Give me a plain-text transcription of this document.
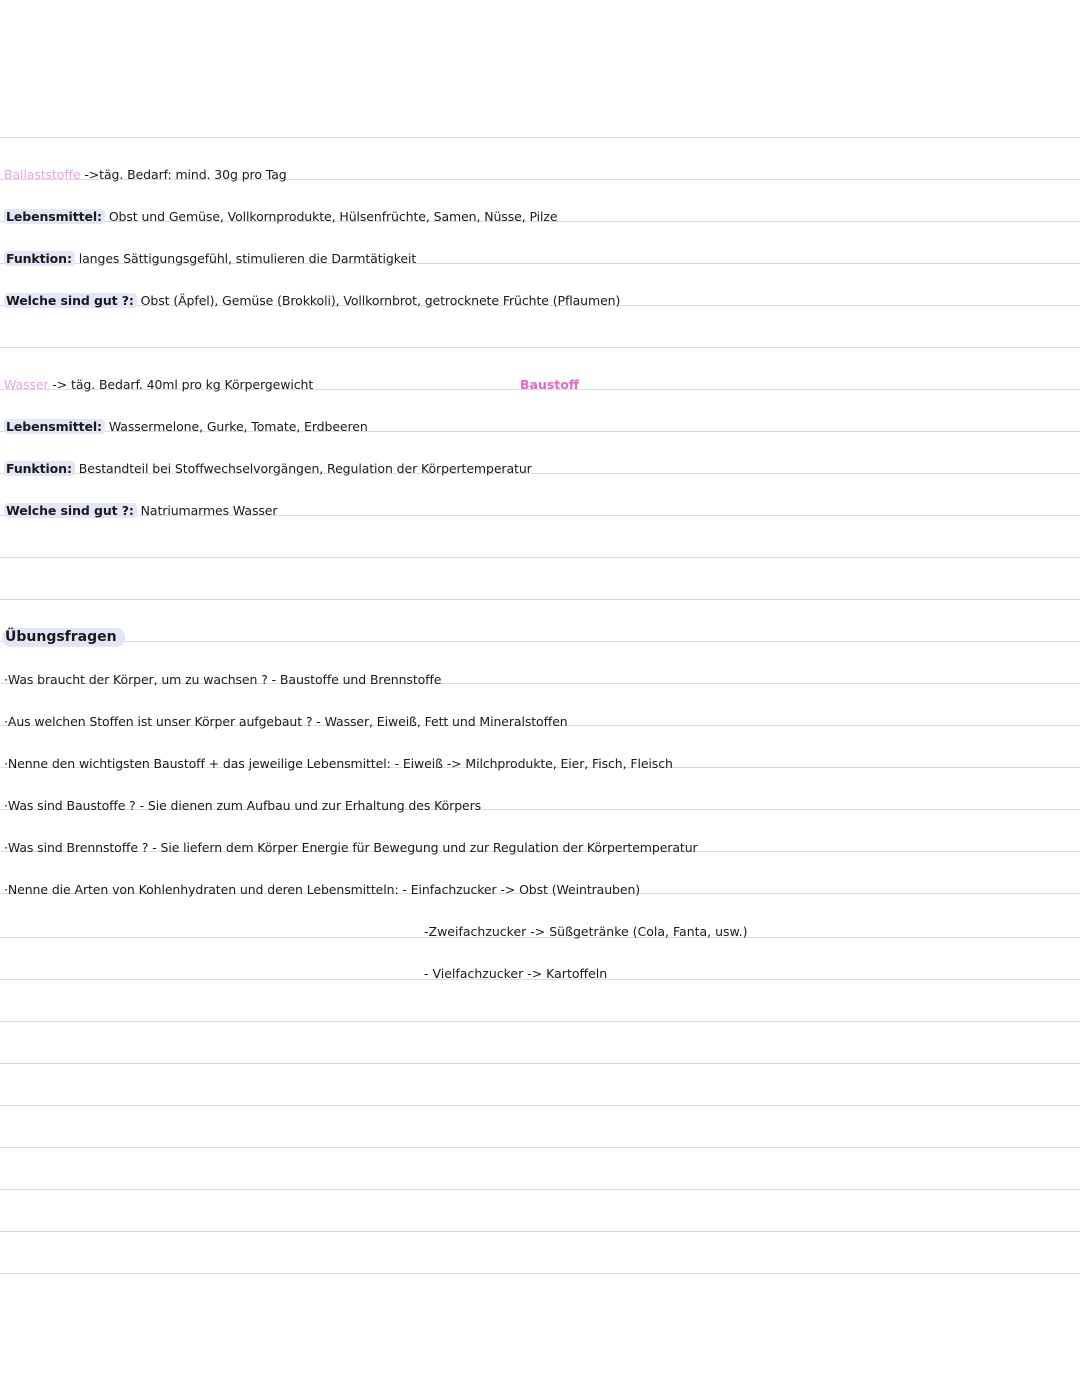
Ballaststoffe ->täg. Bedarf: mind. 30g pro Tag
Lebensmittel: Obst und Gemüse, Vollkornprodukte, Hülsenfrüchte, Samen, Nüsse, Pilze
Funktion: langes Sättigungsgefühl, stimulieren die Darmtätigkeit
Welche sind gut ?: Obst (Äpfel), Gemüse (Brokkoli), Vollkornbrot, getrocknete Früchte (Pflaumen)
Wasser -> täg. Bedarf. 40ml pro kg Körpergewicht	Baustoff
Lebensmittel: Wassermelone, Gurke, Tomate, Erdbeeren
Funktion: Bestandteil bei Stoffwechselvorgängen, Regulation der Körpertemperatur
Welche sind gut ?: Natriumarmes Wasser
Übungsfragen
·Was braucht der Körper, um zu wachsen ? - Baustoffe und Brennstoffe
·Aus welchen Stoffen ist unser Körper aufgebaut ? - Wasser, Eiweiß, Fett und Mineralstoffen
·Nenne den wichtigsten Baustoff + das jeweilige Lebensmittel: - Eiweiß -> Milchprodukte, Eier, Fisch, Fleisch
·Was sind Baustoffe ? - Sie dienen zum Aufbau und zur Erhaltung des Körpers
·Was sind Brennstoffe ? - Sie liefern dem Körper Energie für Bewegung und zur Regulation der Körpertemperatur
·Nenne die Arten von Kohlenhydraten und deren Lebensmitteln: - Einfachzucker -> Obst (Weintrauben)
-Zweifachzucker -> Süßgetränke (Cola, Fanta, usw.)
- Vielfachzucker -> Kartoffeln
